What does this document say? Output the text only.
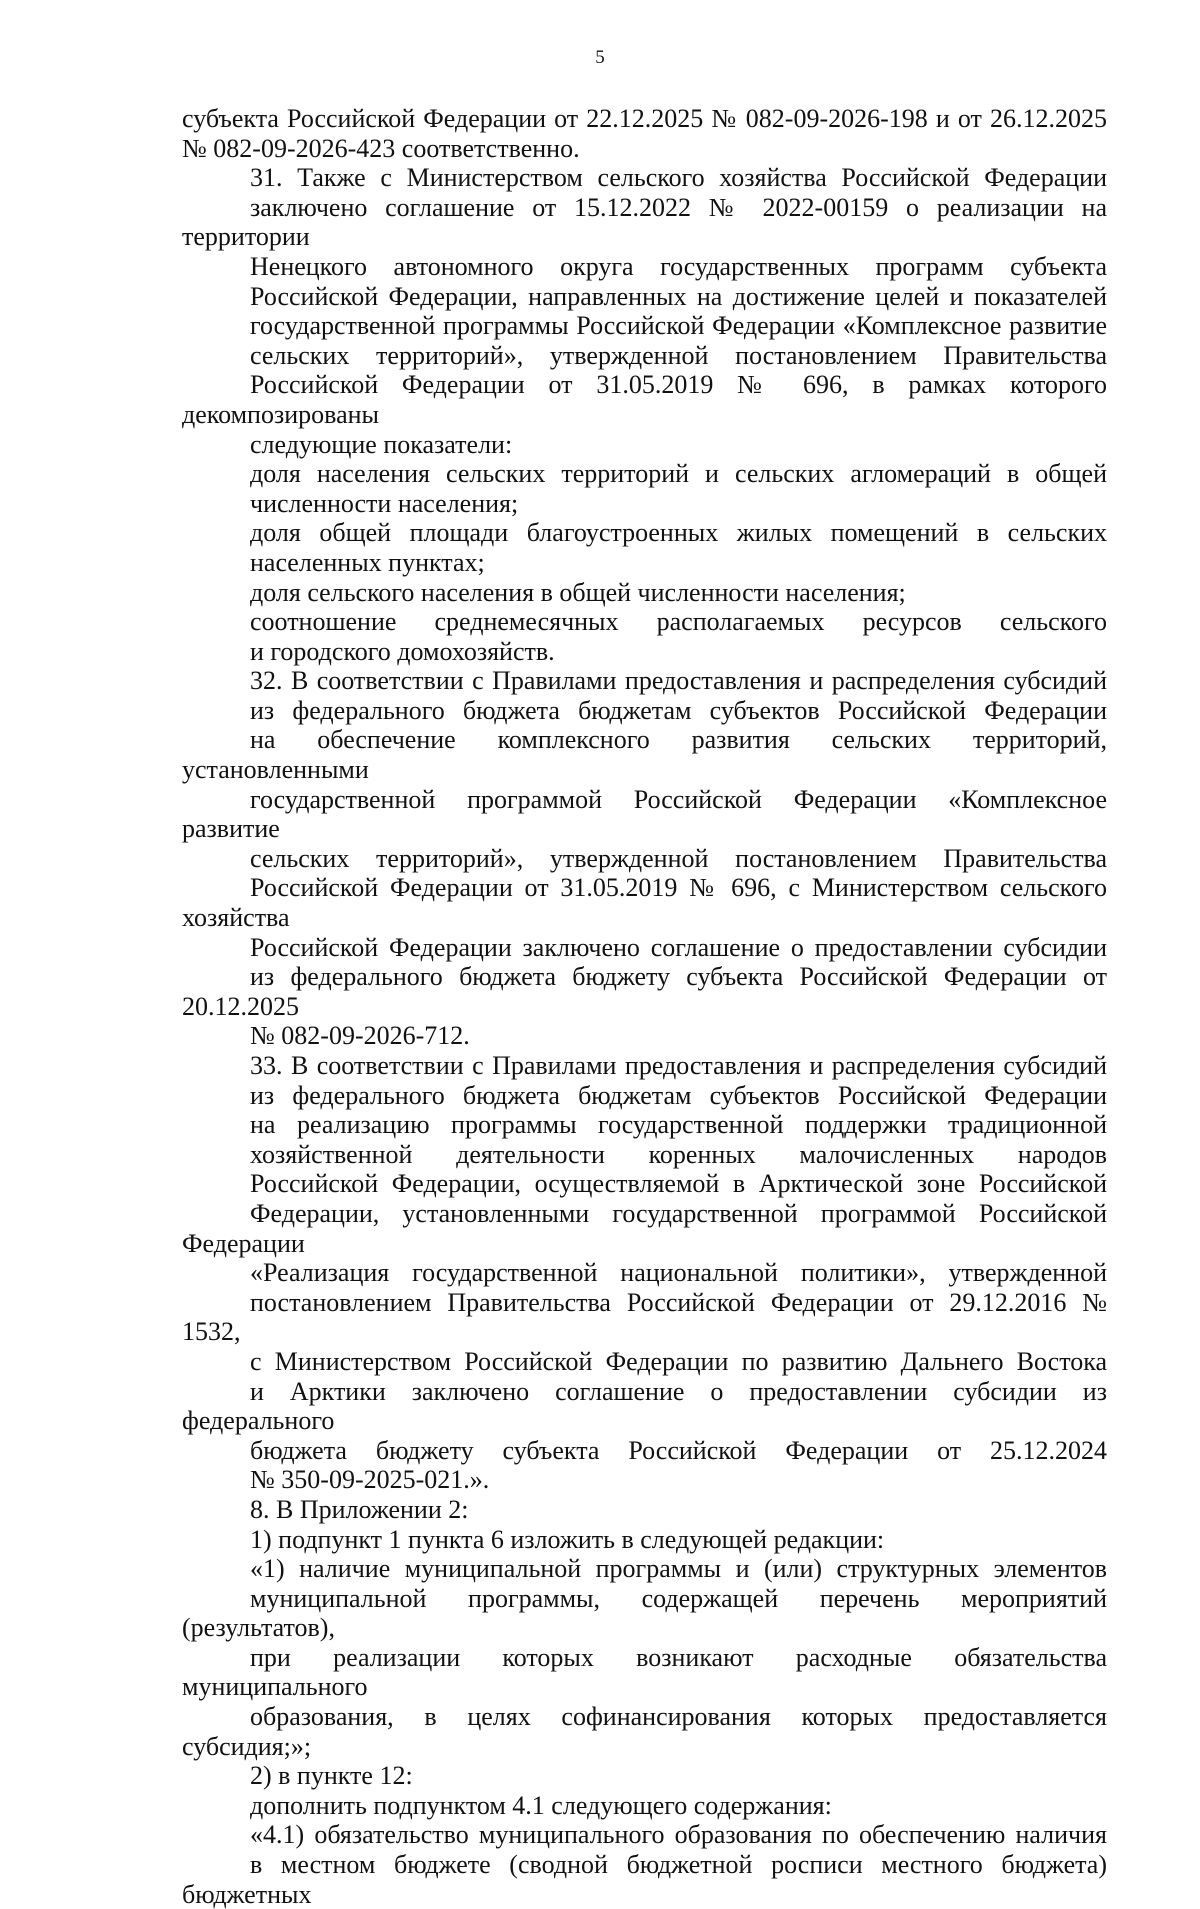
5
субъекта Российской Федерации от 22.12.2025 № 082-09-2026-198 и от 26.12.2025
№ 082-09-2026-423 соответственно.
31. Также с Министерством сельского хозяйства Российской Федерации
заключено соглашение от 15.12.2022 № 2022-00159 о реализации на территории
Ненецкого автономного округа государственных программ субъекта
Российской Федерации, направленных на достижение целей и показателей
государственной программы Российской Федерации «Комплексное развитие
сельских территорий», утвержденной постановлением Правительства
Российской Федерации от 31.05.2019 № 696, в рамках которого декомпозированы
следующие показатели:
доля населения сельских территорий и сельских агломераций в общей
численности населения;
доля общей площади благоустроенных жилых помещений в сельских
населенных пунктах;
доля сельского населения в общей численности населения;
соотношение среднемесячных располагаемых ресурсов сельского
и городского домохозяйств.
32. В соответствии с Правилами предоставления и распределения субсидий
из федерального бюджета бюджетам субъектов Российской Федерации
на обеспечение комплексного развития сельских территорий, установленными
государственной программой Российской Федерации «Комплексное развитие
сельских территорий», утвержденной постановлением Правительства
Российской Федерации от 31.05.2019 № 696, с Министерством сельского хозяйства
Российской Федерации заключено соглашение о предоставлении субсидии
из федерального бюджета бюджету субъекта Российской Федерации от 20.12.2025
№ 082-09-2026-712.
33. В соответствии с Правилами предоставления и распределения субсидий
из федерального бюджета бюджетам субъектов Российской Федерации
на реализацию программы государственной поддержки традиционной
хозяйственной деятельности коренных малочисленных народов
Российской Федерации, осуществляемой в Арктической зоне Российской
Федерации, установленными государственной программой Российской Федерации
«Реализация государственной национальной политики», утвержденной
постановлением Правительства Российской Федерации от 29.12.2016 № 1532,
с Министерством Российской Федерации по развитию Дальнего Востока
и Арктики заключено соглашение о предоставлении субсидии из федерального
бюджета бюджету субъекта Российской Федерации от 25.12.2024
№ 350-09-2025-021.».
8. В Приложении 2:
1) подпункт 1 пункта 6 изложить в следующей редакции:
«1) наличие муниципальной программы и (или) структурных элементов
муниципальной программы, содержащей перечень мероприятий (результатов),
при реализации которых возникают расходные обязательства муниципального
образования, в целях софинансирования которых предоставляется субсидия;»;
2) в пункте 12:
дополнить подпунктом 4.1 следующего содержания:
«4.1) обязательство муниципального образования по обеспечению наличия
в местном бюджете (сводной бюджетной росписи местного бюджета) бюджетных
